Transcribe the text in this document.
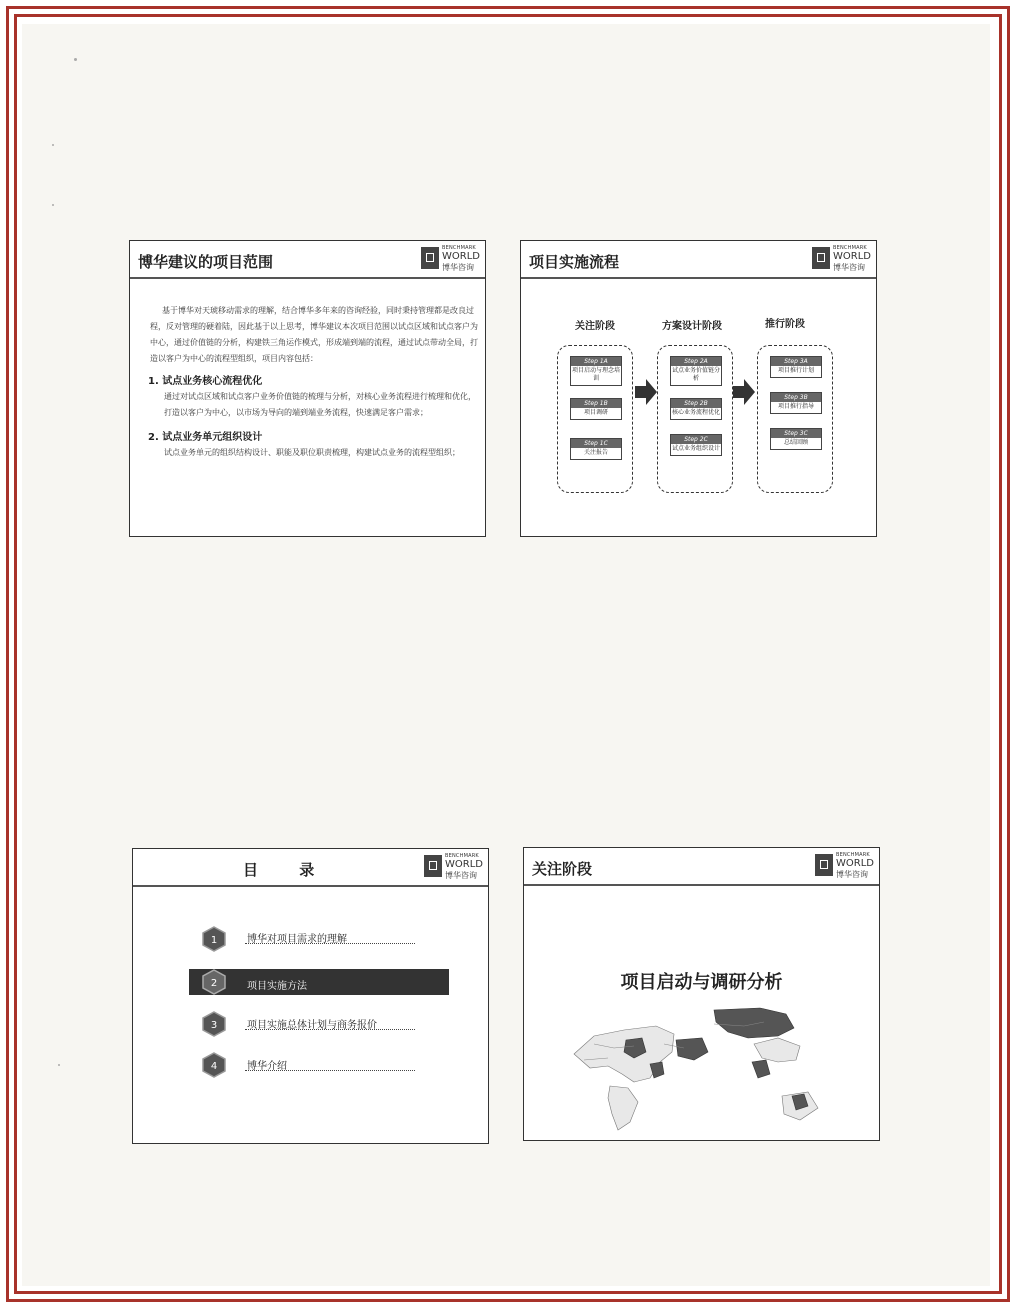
博华建议的项目范围
BENCHMARK
WORLD
博华咨询
基于博华对天琥移动需求的理解，结合博华多年来的咨询经验，同时秉持管理都是改良过程，反对管理的硬着陆，因此基于以上思考，博华建议本次项目范围以试点区域和试点客户为中心，通过价值链的分析，构建铁三角运作模式，形成端到端的流程，通过试点带动全局，打造以客户为中心的流程型组织，项目内容包括：
1. 试点业务核心流程优化
通过对试点区域和试点客户业务价值链的梳理与分析，对核心业务流程进行梳理和优化，打造以客户为中心，以市场为导向的端到端业务流程，快速满足客户需求；
2. 试点业务单元组织设计
试点业务单元的组织结构设计、职能及职位职责梳理，构建试点业务的流程型组织；
项目实施流程
BENCHMARK
WORLD
博华咨询
关注阶段	方案设计阶段	推行阶段
Step 1A
项目启动与理念培训
Step 1B
项目调研
Step 1C
关注报告
Step 2A
试点业务价值链分析
Step 2B
核心业务流程优化
Step 2C
试点业务组织设计
Step 3A
项目推行计划
Step 3B
项目推行指导
Step 3C
总结回顾
目 录
BENCHMARK
WORLD
博华咨询
1	博华对项目需求的理解
2	项目实施方法
3	项目实施总体计划与商务报价
4	博华介绍
关注阶段
BENCHMARK
WORLD
博华咨询
项目启动与调研分析
